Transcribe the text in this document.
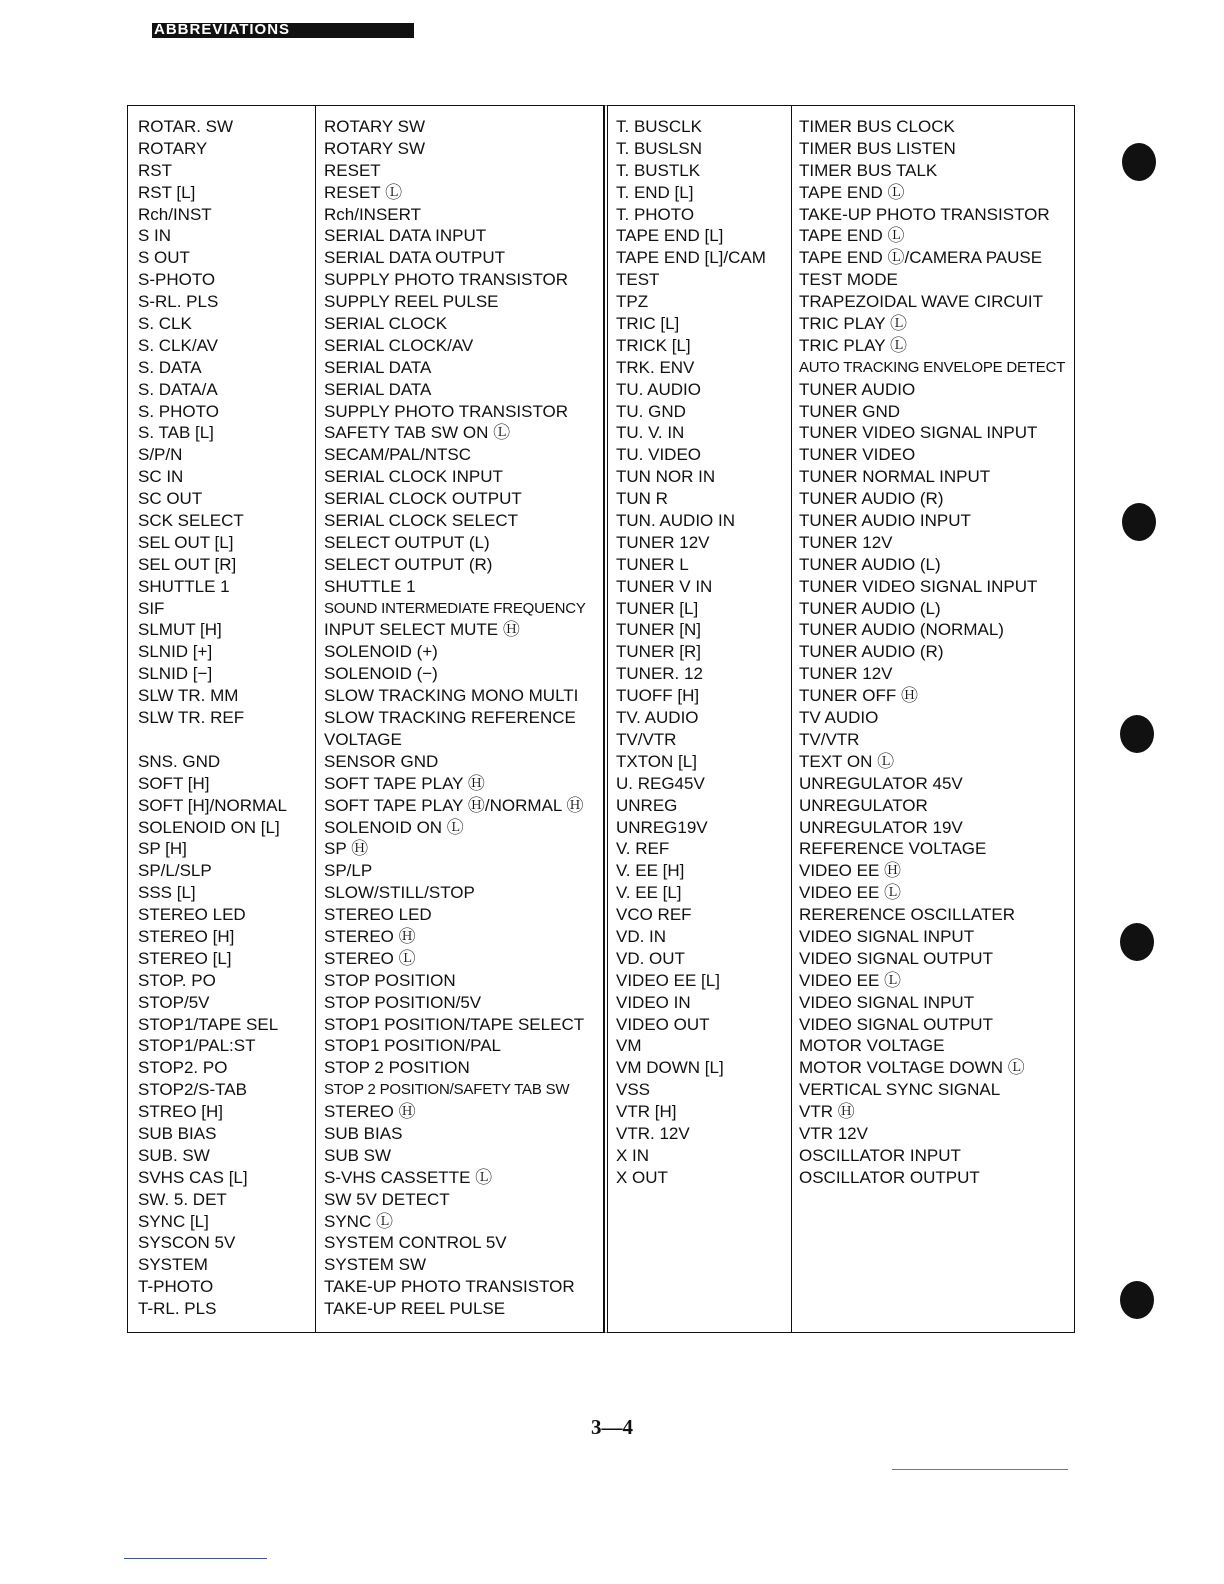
ABBREVIATIONS
ROTAR. SW
ROTARY
RST
RST [L]
Rch/INST
S IN
S OUT
S-PHOTO
S-RL. PLS
S. CLK
S. CLK/AV
S. DATA
S. DATA/A
S. PHOTO
S. TAB [L]
S/P/N
SC IN
SC OUT
SCK SELECT
SEL OUT [L]
SEL OUT [R]
SHUTTLE 1
SIF
SLMUT [H]
SLNID [+]
SLNID [−]
SLW TR. MM
SLW TR. REF
SNS. GND
SOFT [H]
SOFT [H]/NORMAL
SOLENOID ON [L]
SP [H]
SP/L/SLP
SSS [L]
STEREO LED
STEREO [H]
STEREO [L]
STOP. PO
STOP/5V
STOP1/TAPE SEL
STOP1/PAL:ST
STOP2. PO
STOP2/S-TAB
STREO [H]
SUB BIAS
SUB. SW
SVHS CAS [L]
SW. 5. DET
SYNC [L]
SYSCON 5V
SYSTEM
T-PHOTO
T-RL. PLS
ROTARY SW
ROTARY SW
RESET
RESET Ⓛ
Rch/INSERT
SERIAL DATA INPUT
SERIAL DATA OUTPUT
SUPPLY PHOTO TRANSISTOR
SUPPLY REEL PULSE
SERIAL CLOCK
SERIAL CLOCK/AV
SERIAL DATA
SERIAL DATA
SUPPLY PHOTO TRANSISTOR
SAFETY TAB SW ON Ⓛ
SECAM/PAL/NTSC
SERIAL CLOCK INPUT
SERIAL CLOCK OUTPUT
SERIAL CLOCK SELECT
SELECT OUTPUT (L)
SELECT OUTPUT (R)
SHUTTLE 1
SOUND INTERMEDIATE FREQUENCY
INPUT SELECT MUTE Ⓗ
SOLENOID (+)
SOLENOID (−)
SLOW TRACKING MONO MULTI
SLOW TRACKING REFERENCE
VOLTAGE
SENSOR GND
SOFT TAPE PLAY Ⓗ
SOFT TAPE PLAY Ⓗ/NORMAL Ⓗ
SOLENOID ON Ⓛ
SP Ⓗ
SP/LP
SLOW/STILL/STOP
STEREO LED
STEREO Ⓗ
STEREO Ⓛ
STOP POSITION
STOP POSITION/5V
STOP1 POSITION/TAPE SELECT
STOP1 POSITION/PAL
STOP 2 POSITION
STOP 2 POSITION/SAFETY TAB SW
STEREO Ⓗ
SUB BIAS
SUB SW
S-VHS CASSETTE Ⓛ
SW 5V DETECT
SYNC Ⓛ
SYSTEM CONTROL 5V
SYSTEM SW
TAKE-UP PHOTO TRANSISTOR
TAKE-UP REEL PULSE
T. BUSCLK
T. BUSLSN
T. BUSTLK
T. END [L]
T. PHOTO
TAPE END [L]
TAPE END [L]/CAM
TEST
TPZ
TRIC [L]
TRICK [L]
TRK. ENV
TU. AUDIO
TU. GND
TU. V. IN
TU. VIDEO
TUN NOR IN
TUN R
TUN. AUDIO IN
TUNER 12V
TUNER L
TUNER V IN
TUNER [L]
TUNER [N]
TUNER [R]
TUNER. 12
TUOFF [H]
TV. AUDIO
TV/VTR
TXTON [L]
U. REG45V
UNREG
UNREG19V
V. REF
V. EE [H]
V. EE [L]
VCO REF
VD. IN
VD. OUT
VIDEO EE [L]
VIDEO IN
VIDEO OUT
VM
VM DOWN [L]
VSS
VTR [H]
VTR. 12V
X IN
X OUT
TIMER BUS CLOCK
TIMER BUS LISTEN
TIMER BUS TALK
TAPE END Ⓛ
TAKE-UP PHOTO TRANSISTOR
TAPE END Ⓛ
TAPE END Ⓛ/CAMERA PAUSE
TEST MODE
TRAPEZOIDAL WAVE CIRCUIT
TRIC PLAY Ⓛ
TRIC PLAY Ⓛ
AUTO TRACKING ENVELOPE DETECT
TUNER AUDIO
TUNER GND
TUNER VIDEO SIGNAL INPUT
TUNER VIDEO
TUNER NORMAL INPUT
TUNER AUDIO (R)
TUNER AUDIO INPUT
TUNER 12V
TUNER AUDIO (L)
TUNER VIDEO SIGNAL INPUT
TUNER AUDIO (L)
TUNER AUDIO (NORMAL)
TUNER AUDIO (R)
TUNER 12V
TUNER OFF Ⓗ
TV AUDIO
TV/VTR
TEXT ON Ⓛ
UNREGULATOR 45V
UNREGULATOR
UNREGULATOR 19V
REFERENCE VOLTAGE
VIDEO EE Ⓗ
VIDEO EE Ⓛ
RERERENCE OSCILLATER
VIDEO SIGNAL INPUT
VIDEO SIGNAL OUTPUT
VIDEO EE Ⓛ
VIDEO SIGNAL INPUT
VIDEO SIGNAL OUTPUT
MOTOR VOLTAGE
MOTOR VOLTAGE DOWN Ⓛ
VERTICAL SYNC SIGNAL
VTR Ⓗ
VTR 12V
OSCILLATOR INPUT
OSCILLATOR OUTPUT
3—4
